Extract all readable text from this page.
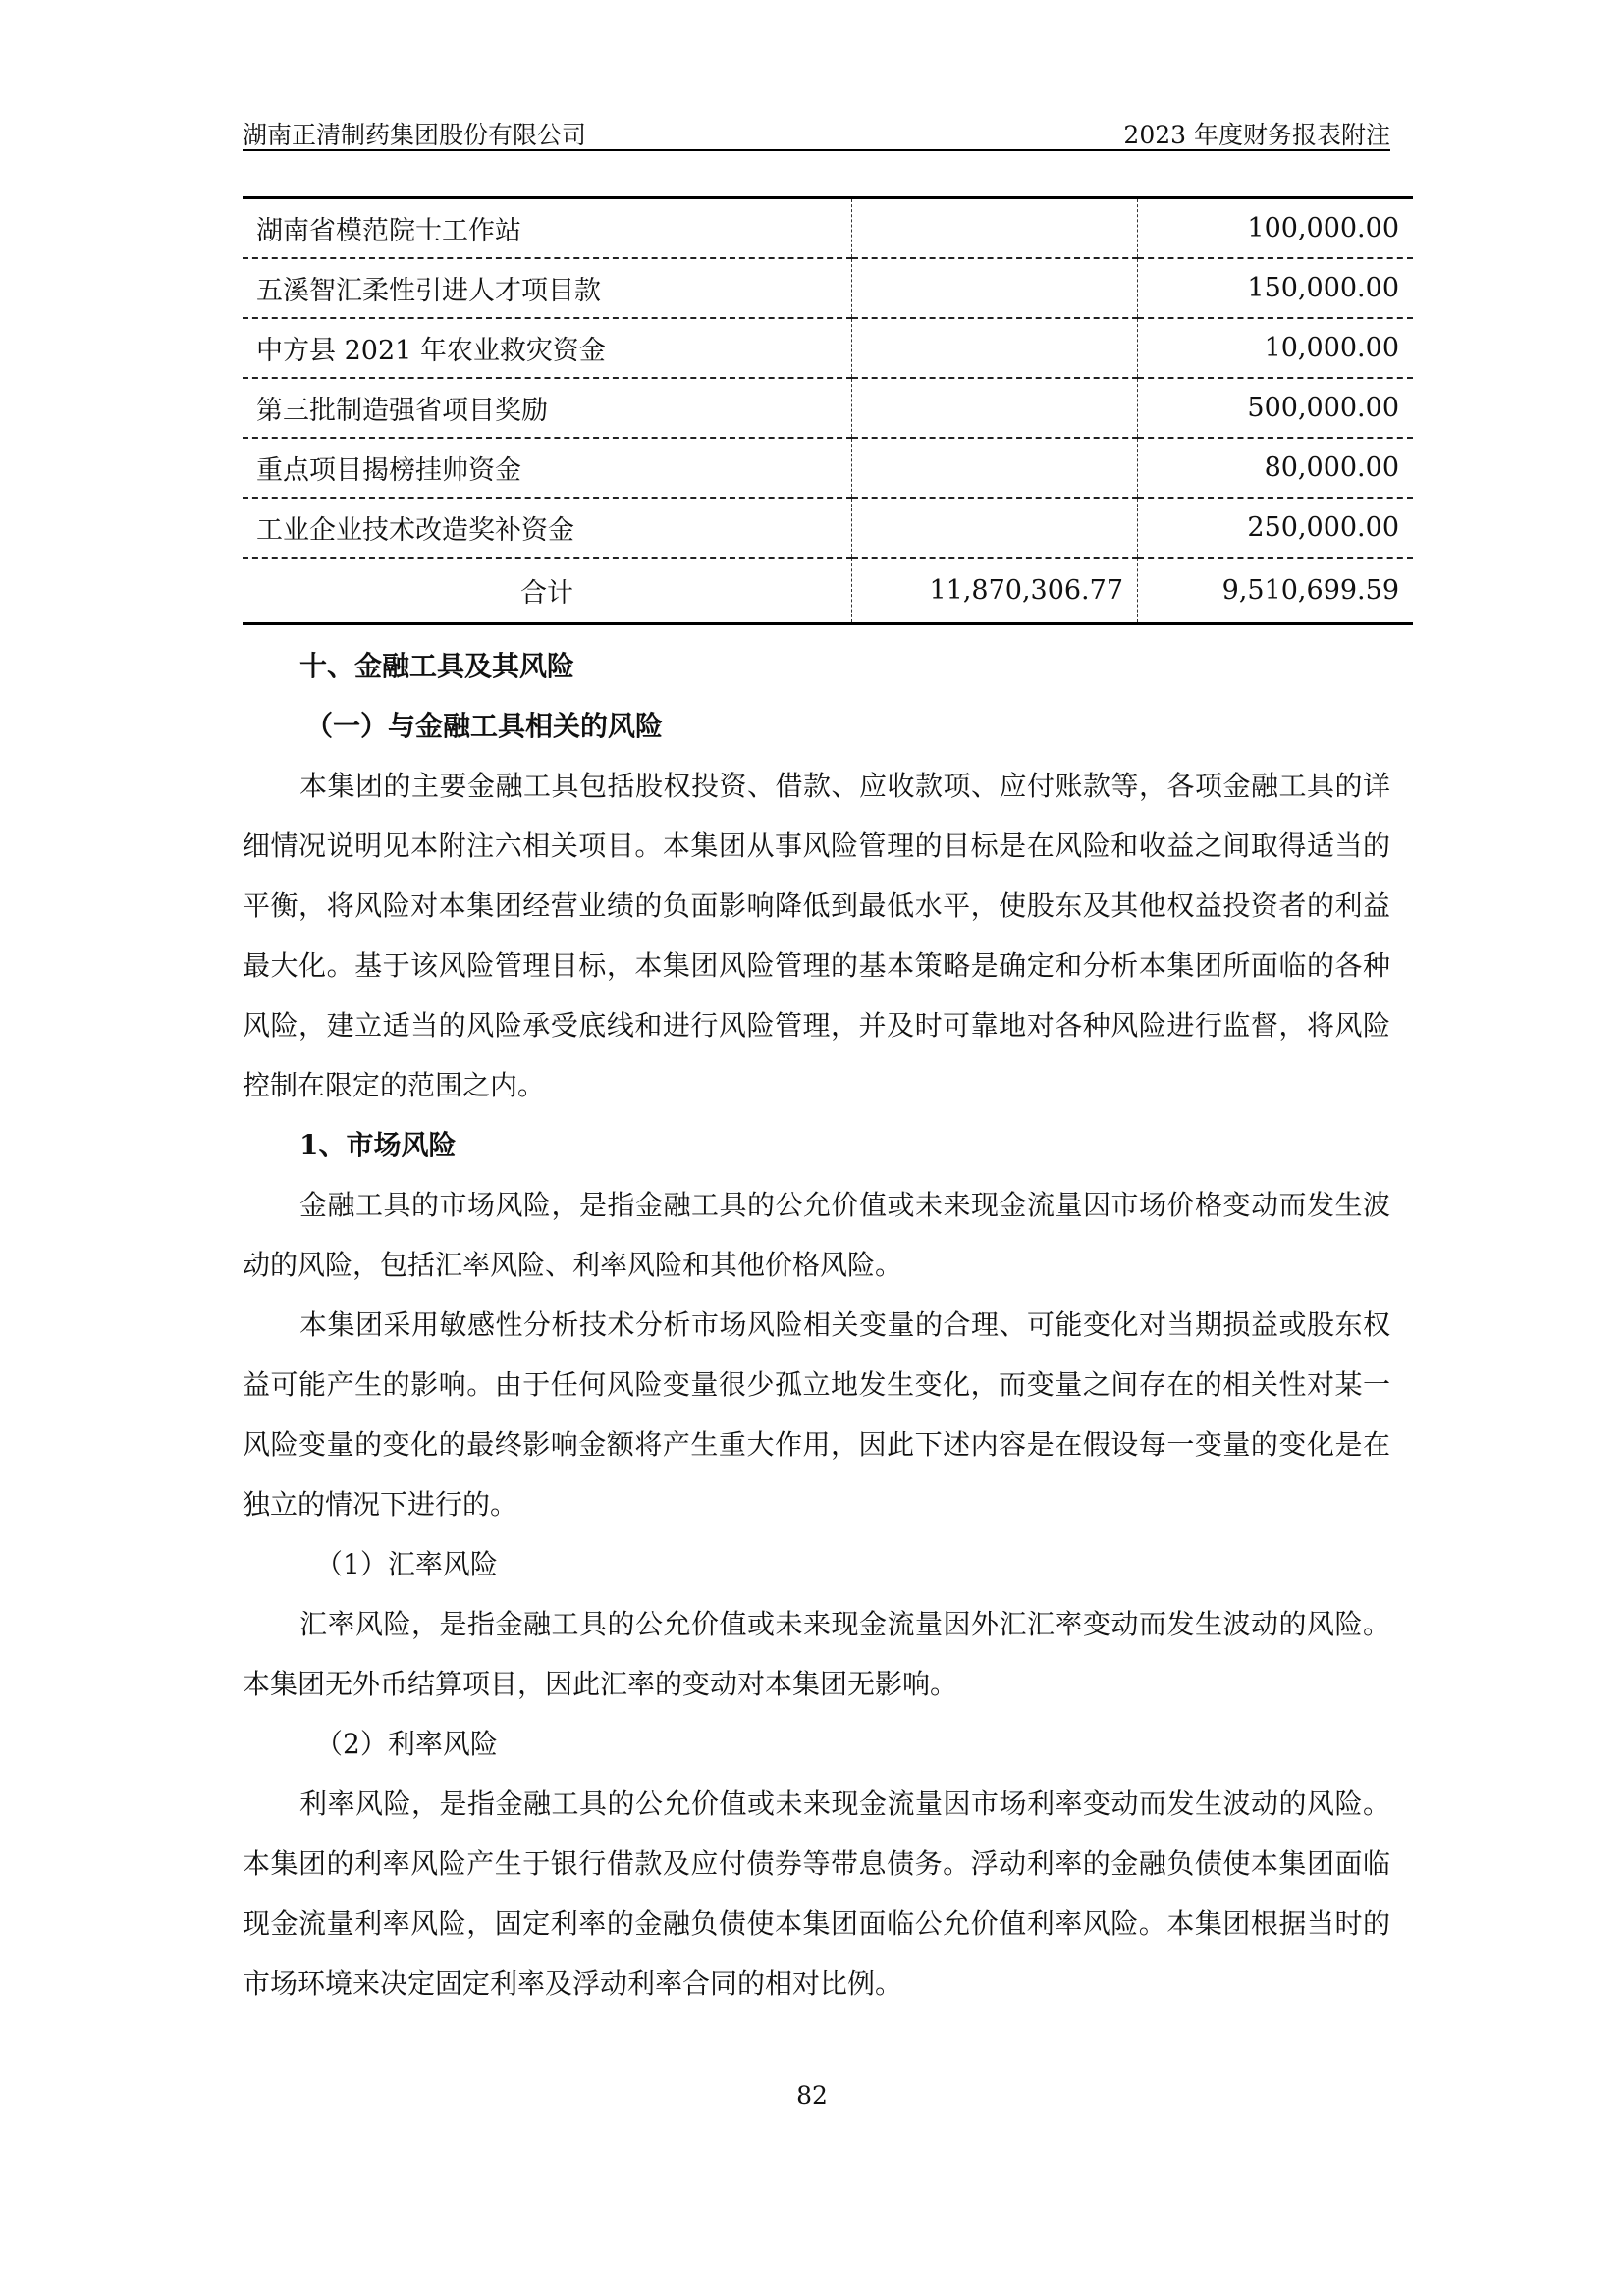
湖南正清制药集团股份有限公司	2023 年度财务报表附注
湖南省模范院士工作站		100,000.00
五溪智汇柔性引进人才项目款		150,000.00
中方县 2021 年农业救灾资金		10,000.00
第三批制造强省项目奖励		500,000.00
重点项目揭榜挂帅资金		80,000.00
工业企业技术改造奖补资金		250,000.00
合计	11,870,306.77	9,510,699.59
十、金融工具及其风险
（一）与金融工具相关的风险

本集团的主要金融工具包括股权投资、借款、应收款项、应付账款等，各项金融工具的详细情况说明见本附注六相关项目。本集团从事风险管理的目标是在风险和收益之间取得适当的平衡，将风险对本集团经营业绩的负面影响降低到最低水平，使股东及其他权益投资者的利益最大化。基于该风险管理目标，本集团风险管理的基本策略是确定和分析本集团所面临的各种风险，建立适当的风险承受底线和进行风险管理，并及时可靠地对各种风险进行监督，将风险控制在限定的范围之内。

1、市场风险

金融工具的市场风险，是指金融工具的公允价值或未来现金流量因市场价格变动而发生波动的风险，包括汇率风险、利率风险和其他价格风险。

本集团采用敏感性分析技术分析市场风险相关变量的合理、可能变化对当期损益或股东权益可能产生的影响。由于任何风险变量很少孤立地发生变化，而变量之间存在的相关性对某一风险变量的变化的最终影响金额将产生重大作用，因此下述内容是在假设每一变量的变化是在独立的情况下进行的。

（1）汇率风险

汇率风险，是指金融工具的公允价值或未来现金流量因外汇汇率变动而发生波动的风险。本集团无外币结算项目，因此汇率的变动对本集团无影响。

（2）利率风险

利率风险，是指金融工具的公允价值或未来现金流量因市场利率变动而发生波动的风险。本集团的利率风险产生于银行借款及应付债券等带息债务。浮动利率的金融负债使本集团面临现金流量利率风险，固定利率的金融负债使本集团面临公允价值利率风险。本集团根据当时的市场环境来决定固定利率及浮动利率合同的相对比例。

82
